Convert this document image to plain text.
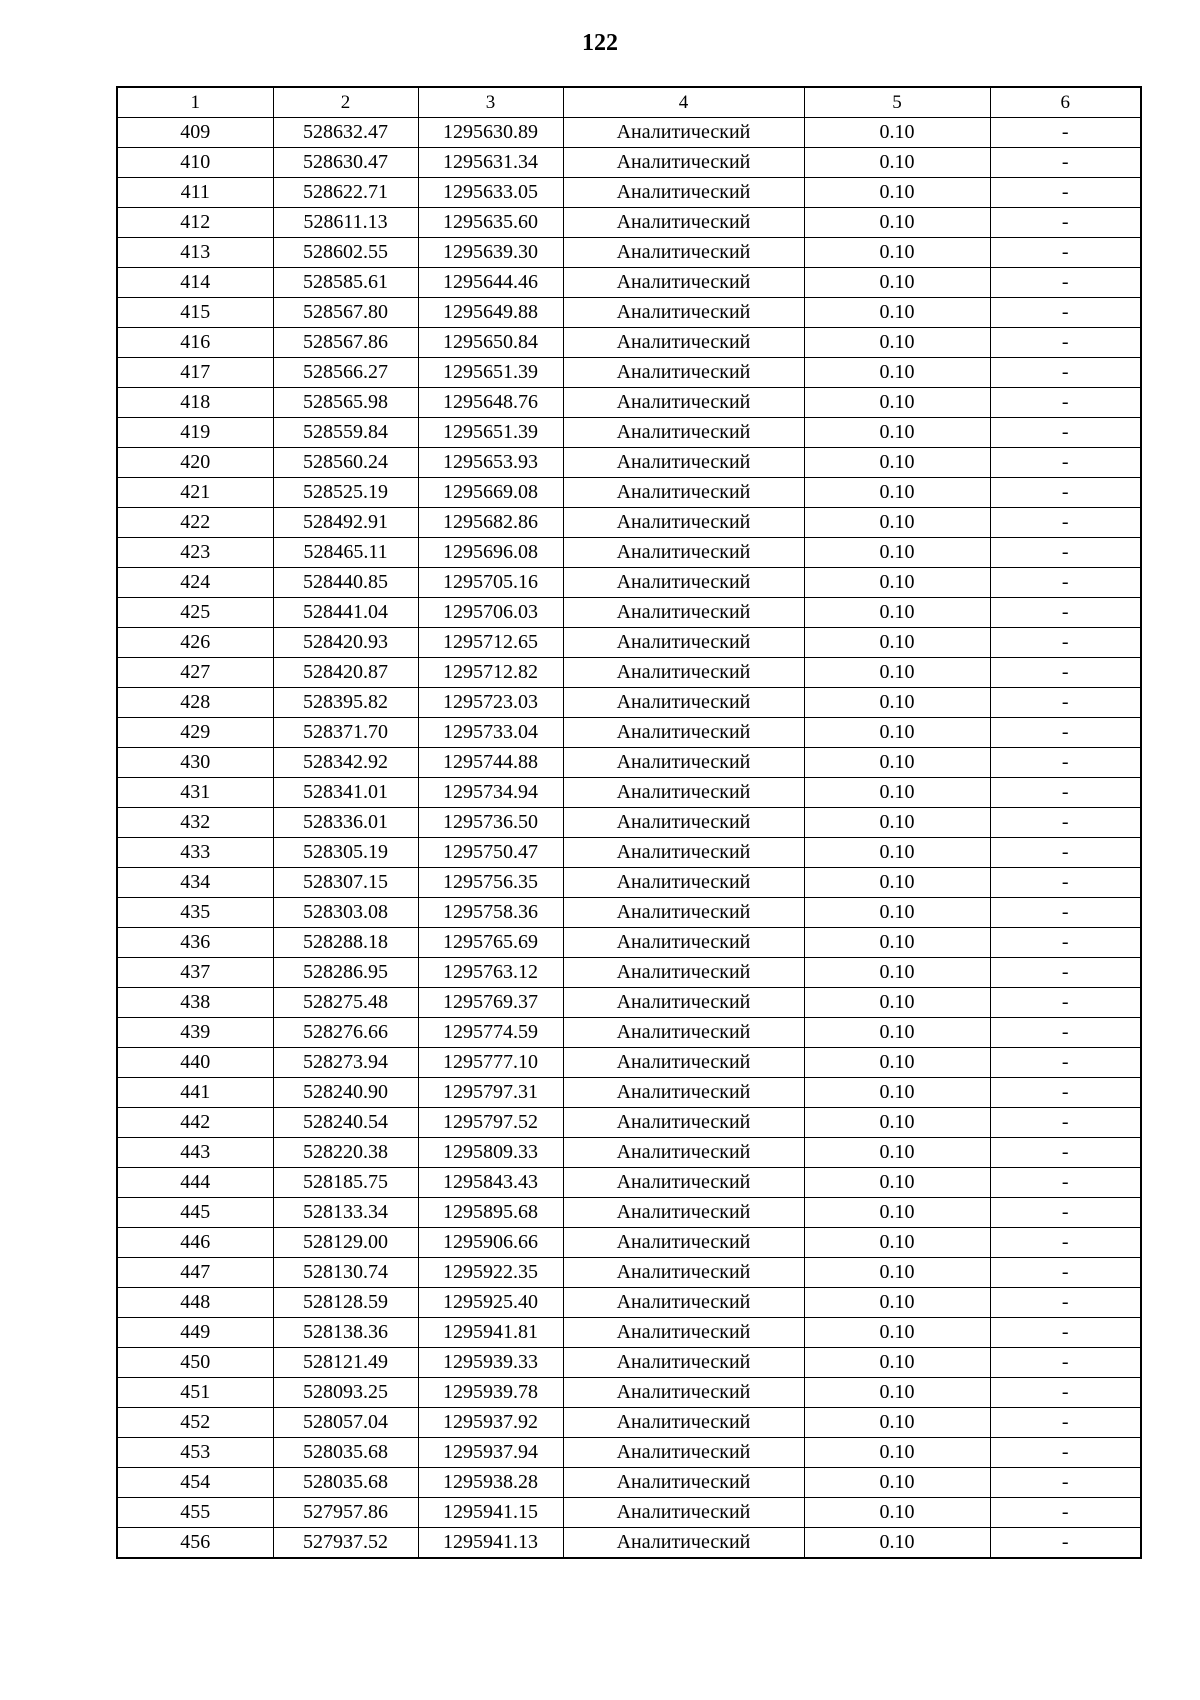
122
1	2	3	4	5	6
409	528632.47	1295630.89	Аналитический	0.10	-
410	528630.47	1295631.34	Аналитический	0.10	-
411	528622.71	1295633.05	Аналитический	0.10	-
412	528611.13	1295635.60	Аналитический	0.10	-
413	528602.55	1295639.30	Аналитический	0.10	-
414	528585.61	1295644.46	Аналитический	0.10	-
415	528567.80	1295649.88	Аналитический	0.10	-
416	528567.86	1295650.84	Аналитический	0.10	-
417	528566.27	1295651.39	Аналитический	0.10	-
418	528565.98	1295648.76	Аналитический	0.10	-
419	528559.84	1295651.39	Аналитический	0.10	-
420	528560.24	1295653.93	Аналитический	0.10	-
421	528525.19	1295669.08	Аналитический	0.10	-
422	528492.91	1295682.86	Аналитический	0.10	-
423	528465.11	1295696.08	Аналитический	0.10	-
424	528440.85	1295705.16	Аналитический	0.10	-
425	528441.04	1295706.03	Аналитический	0.10	-
426	528420.93	1295712.65	Аналитический	0.10	-
427	528420.87	1295712.82	Аналитический	0.10	-
428	528395.82	1295723.03	Аналитический	0.10	-
429	528371.70	1295733.04	Аналитический	0.10	-
430	528342.92	1295744.88	Аналитический	0.10	-
431	528341.01	1295734.94	Аналитический	0.10	-
432	528336.01	1295736.50	Аналитический	0.10	-
433	528305.19	1295750.47	Аналитический	0.10	-
434	528307.15	1295756.35	Аналитический	0.10	-
435	528303.08	1295758.36	Аналитический	0.10	-
436	528288.18	1295765.69	Аналитический	0.10	-
437	528286.95	1295763.12	Аналитический	0.10	-
438	528275.48	1295769.37	Аналитический	0.10	-
439	528276.66	1295774.59	Аналитический	0.10	-
440	528273.94	1295777.10	Аналитический	0.10	-
441	528240.90	1295797.31	Аналитический	0.10	-
442	528240.54	1295797.52	Аналитический	0.10	-
443	528220.38	1295809.33	Аналитический	0.10	-
444	528185.75	1295843.43	Аналитический	0.10	-
445	528133.34	1295895.68	Аналитический	0.10	-
446	528129.00	1295906.66	Аналитический	0.10	-
447	528130.74	1295922.35	Аналитический	0.10	-
448	528128.59	1295925.40	Аналитический	0.10	-
449	528138.36	1295941.81	Аналитический	0.10	-
450	528121.49	1295939.33	Аналитический	0.10	-
451	528093.25	1295939.78	Аналитический	0.10	-
452	528057.04	1295937.92	Аналитический	0.10	-
453	528035.68	1295937.94	Аналитический	0.10	-
454	528035.68	1295938.28	Аналитический	0.10	-
455	527957.86	1295941.15	Аналитический	0.10	-
456	527937.52	1295941.13	Аналитический	0.10	-
